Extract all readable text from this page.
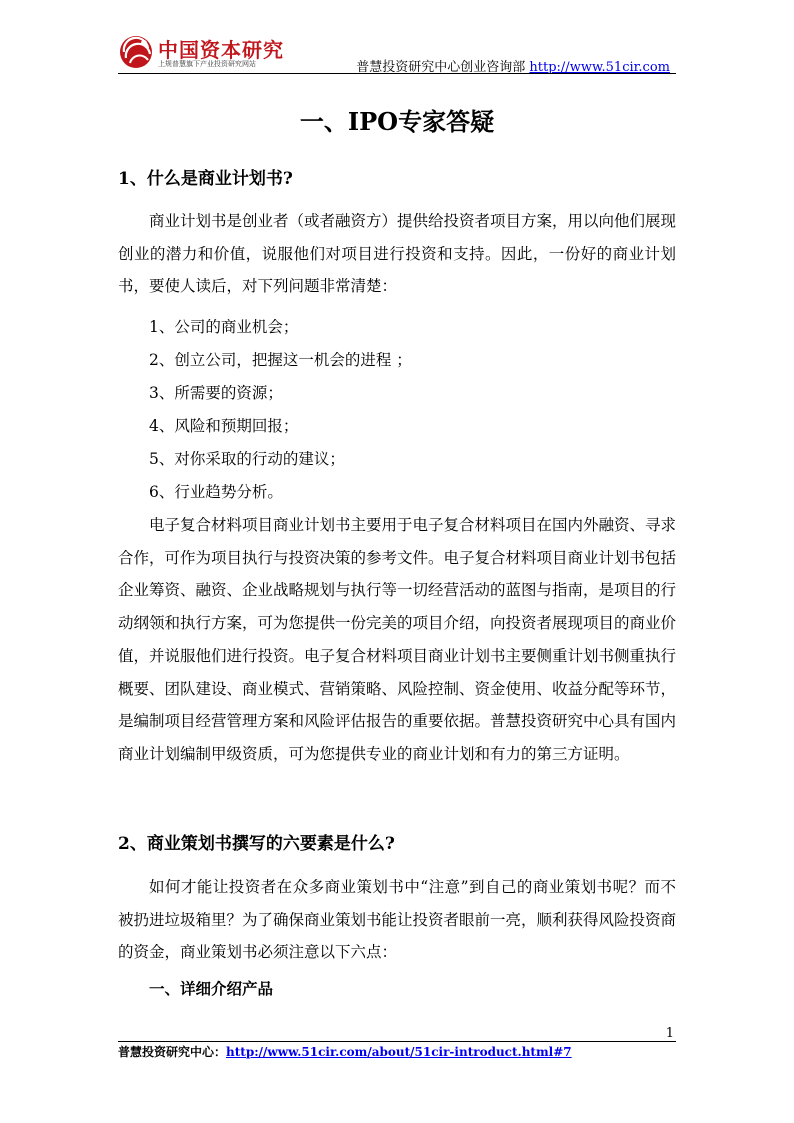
中国资本研究
上规普慧旗下产业投资研究网站	普慧投资研究中心创业咨询部 http://www.51cir.com
一、IPO专家答疑
1、什么是商业计划书?

商业计划书是创业者（或者融资方）提供给投资者项目方案，用以向他们展现创业的潜力和价值，说服他们对项目进行投资和支持。因此，一份好的商业计划书，要使人读后，对下列问题非常清楚：

1、公司的商业机会；

2、创立公司，把握这一机会的进程 ；

3、所需要的资源；

4、风险和预期回报；

5、对你采取的行动的建议；

6、行业趋势分析。

电子复合材料项目商业计划书主要用于电子复合材料项目在国内外融资、寻求合作，可作为项目执行与投资决策的参考文件。电子复合材料项目商业计划书包括企业筹资、融资、企业战略规划与执行等一切经营活动的蓝图与指南，是项目的行动纲领和执行方案，可为您提供一份完美的项目介绍，向投资者展现项目的商业价值，并说服他们进行投资。电子复合材料项目商业计划书主要侧重计划书侧重执行概要、团队建设、商业模式、营销策略、风险控制、资金使用、收益分配等环节，是编制项目经营管理方案和风险评估报告的重要依据。普慧投资研究中心具有国内商业计划编制甲级资质，可为您提供专业的商业计划和有力的第三方证明。

2、商业策划书撰写的六要素是什么?

如何才能让投资者在众多商业策划书中“注意”到自己的商业策划书呢？而不被扔进垃圾箱里？为了确保商业策划书能让投资者眼前一亮，顺利获得风险投资商的资金，商业策划书必须注意以下六点：

一、详细介绍产品

1
普慧投资研究中心：http://www.51cir.com/about/51cir-introduct.html#7
